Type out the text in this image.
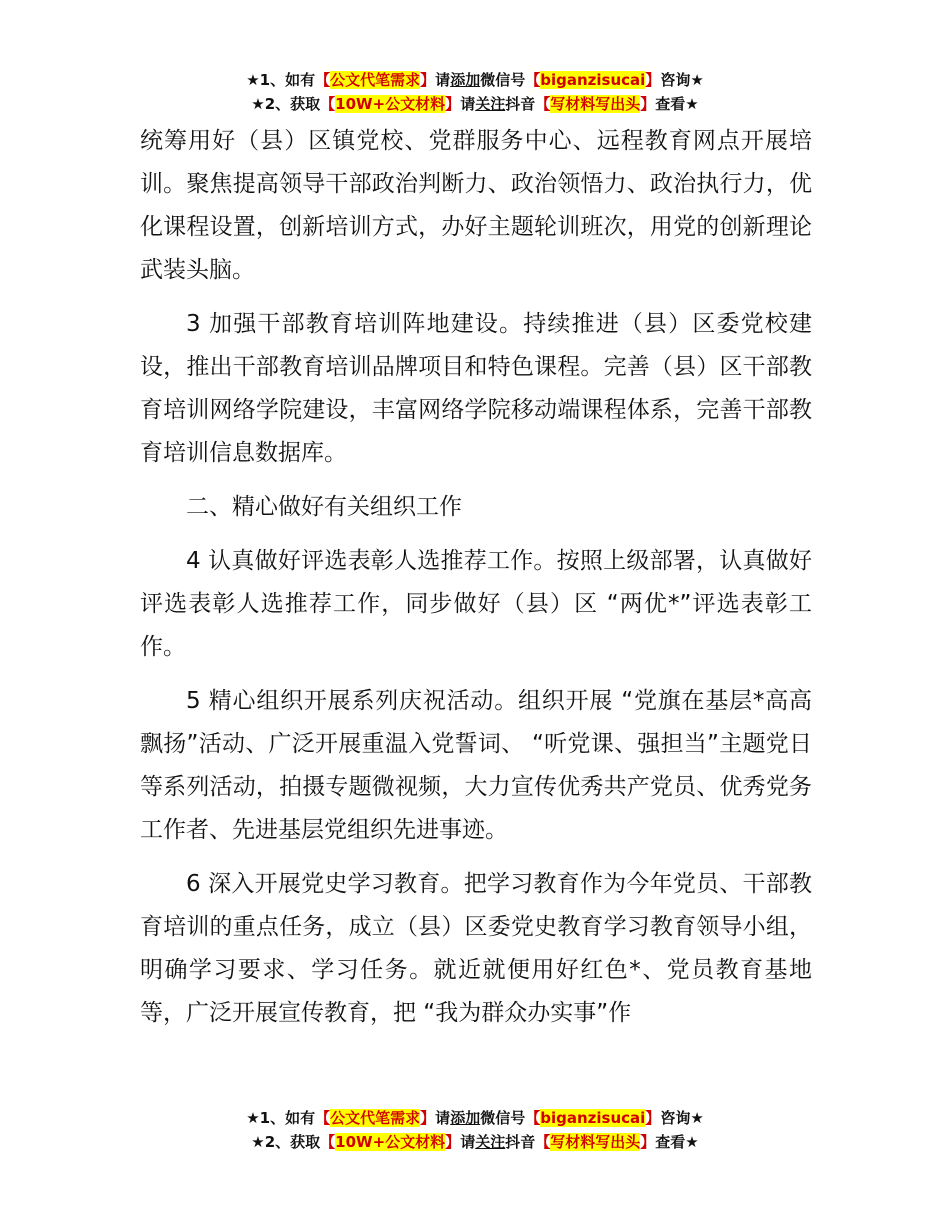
★1、如有【公文代笔需求】请添加微信号【biganzisucai】咨询★
★2、获取【10W+公文材料】请关注抖音【写材料写出头】查看★

统筹用好（县）区镇党校、党群服务中心、远程教育网点开展培训。聚焦提高领导干部政治判断力、政治领悟力、政治执行力，优化课程设置，创新培训方式，办好主题轮训班次，用党的创新理论武装头脑。

3 加强干部教育培训阵地建设。持续推进（县）区委党校建设，推出干部教育培训品牌项目和特色课程。完善（县）区干部教育培训网络学院建设，丰富网络学院移动端课程体系，完善干部教育培训信息数据库。

二、精心做好有关组织工作

4 认真做好评选表彰人选推荐工作。按照上级部署，认真做好评选表彰人选推荐工作，同步做好（县）区 “两优*”评选表彰工作。

5 精心组织开展系列庆祝活动。组织开展 “党旗在基层*高高飘扬”活动、广泛开展重温入党誓词、 “听党课、强担当”主题党日等系列活动，拍摄专题微视频，大力宣传优秀共产党员、优秀党务工作者、先进基层党组织先进事迹。

6 深入开展党史学习教育。把学习教育作为今年党员、干部教育培训的重点任务，成立（县）区委党史教育学习教育领导小组，明确学习要求、学习任务。就近就便用好红色*、党员教育基地等，广泛开展宣传教育，把 “我为群众办实事”作

★1、如有【公文代笔需求】请添加微信号【biganzisucai】咨询★
★2、获取【10W+公文材料】请关注抖音【写材料写出头】查看★
